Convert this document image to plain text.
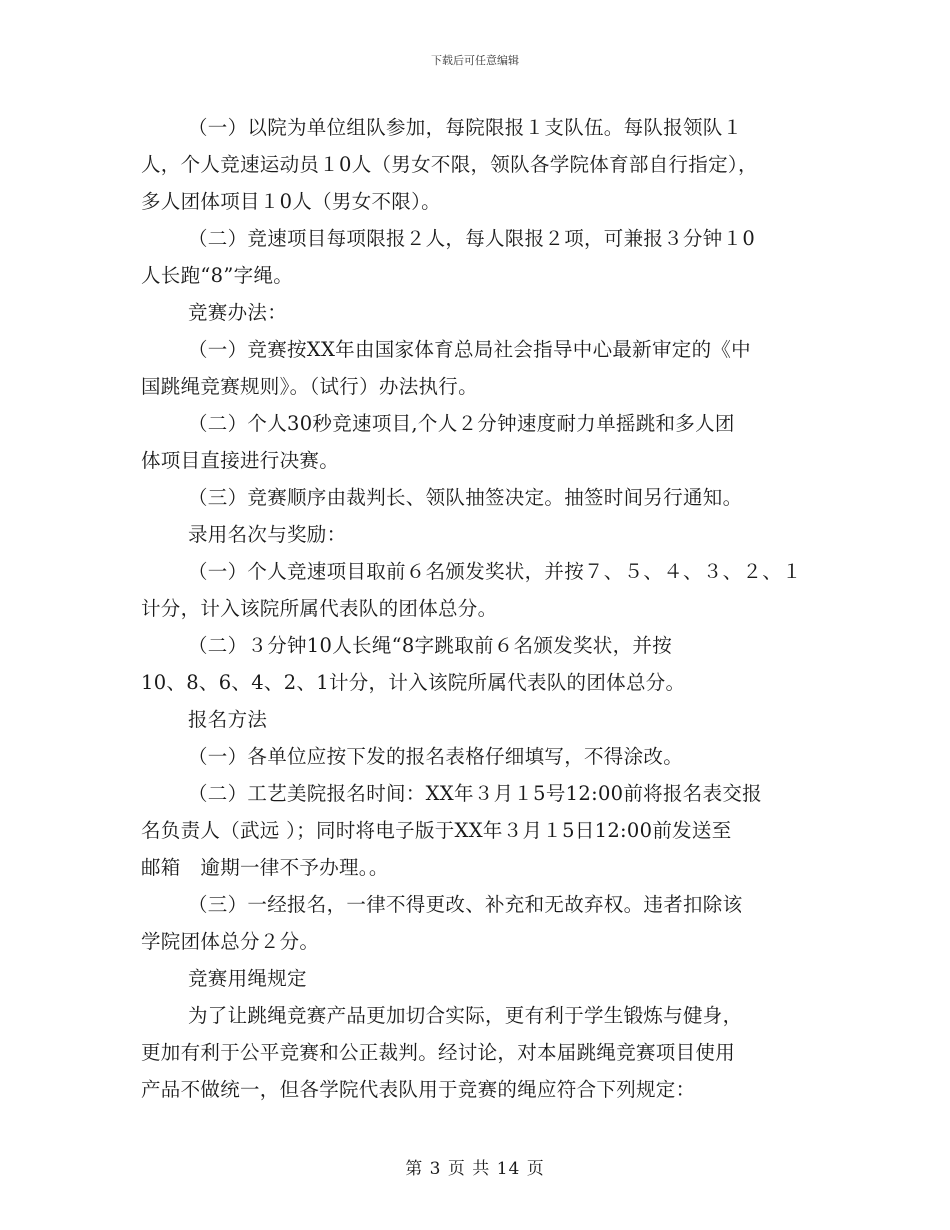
下载后可任意编辑
（一）以院为单位组队参加，每院限报１支队伍。每队报领队１
人，个人竞速运动员１0人（男女不限，领队各学院体育部自行指定），
多人团体项目１0人（男女不限）。
（二）竞速项目每项限报２人，每人限报２项，可兼报３分钟１0
人长跑“8”字绳。
竞赛办法：
（一）竞赛按XX年由国家体育总局社会指导中心最新审定的《中
国跳绳竞赛规则》。（试行）办法执行。
（二）个人30秒竞速项目,个人２分钟速度耐力单摇跳和多人团
体项目直接进行决赛。
（三）竞赛顺序由裁判长、领队抽签决定。抽签时间另行通知。
录用名次与奖励：
（一）个人竞速项目取前６名颁发奖状，并按７、５、４、３、２、１
计分，计入该院所属代表队的团体总分。
（二）３分钟10人长绳“8字跳取前６名颁发奖状，并按
10、8、6、4、2、1计分，计入该院所属代表队的团体总分。
报名方法
（一）各单位应按下发的报名表格仔细填写，不得涂改。
（二）工艺美院报名时间：XX年３月１5号12:00前将报名表交报
名负责人（武远 ）；同时将电子版于XX年３月１5日12:00前发送至
邮箱　逾期一律不予办理。。
（三）一经报名，一律不得更改、补充和无故弃权。违者扣除该
学院团体总分２分。
竞赛用绳规定
为了让跳绳竞赛产品更加切合实际，更有利于学生锻炼与健身，
更加有利于公平竞赛和公正裁判。经讨论，对本届跳绳竞赛项目使用
产品不做统一，但各学院代表队用于竞赛的绳应符合下列规定：
第 3 页 共 14 页
